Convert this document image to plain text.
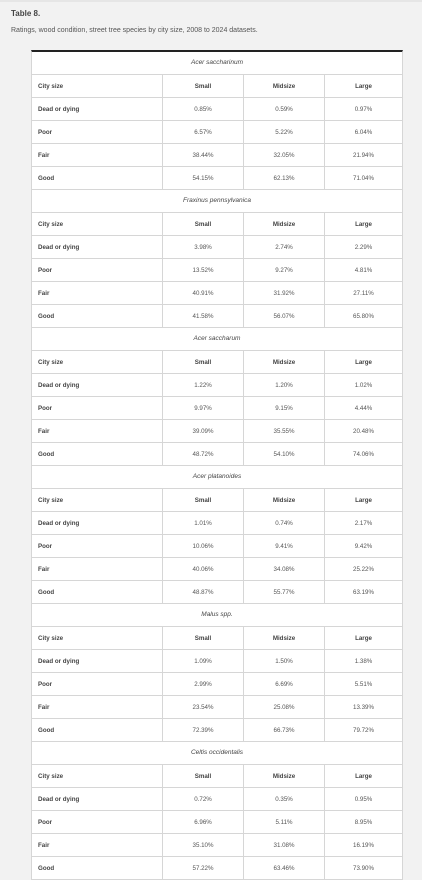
Table 8.
Ratings, wood condition, street tree species by city size, 2008 to 2024 datasets.
Acer saccharinum
City size	Small	Midsize	Large
Dead or dying	0.85%	0.59%	0.97%
Poor	6.57%	5.22%	6.04%
Fair	38.44%	32.05%	21.94%
Good	54.15%	62.13%	71.04%
Fraxinus pennsylvanica
City size	Small	Midsize	Large
Dead or dying	3.98%	2.74%	2.29%
Poor	13.52%	9.27%	4.81%
Fair	40.91%	31.92%	27.11%
Good	41.58%	56.07%	65.80%
Acer saccharum
City size	Small	Midsize	Large
Dead or dying	1.22%	1.20%	1.02%
Poor	9.97%	9.15%	4.44%
Fair	39.09%	35.55%	20.48%
Good	48.72%	54.10%	74.06%
Acer platanoides
City size	Small	Midsize	Large
Dead or dying	1.01%	0.74%	2.17%
Poor	10.06%	9.41%	9.42%
Fair	40.06%	34.08%	25.22%
Good	48.87%	55.77%	63.19%
Malus spp.
City size	Small	Midsize	Large
Dead or dying	1.09%	1.50%	1.38%
Poor	2.99%	6.69%	5.51%
Fair	23.54%	25.08%	13.39%
Good	72.39%	66.73%	79.72%
Celtis occidentalis
City size	Small	Midsize	Large
Dead or dying	0.72%	0.35%	0.95%
Poor	6.96%	5.11%	8.95%
Fair	35.10%	31.08%	16.19%
Good	57.22%	63.46%	73.90%
